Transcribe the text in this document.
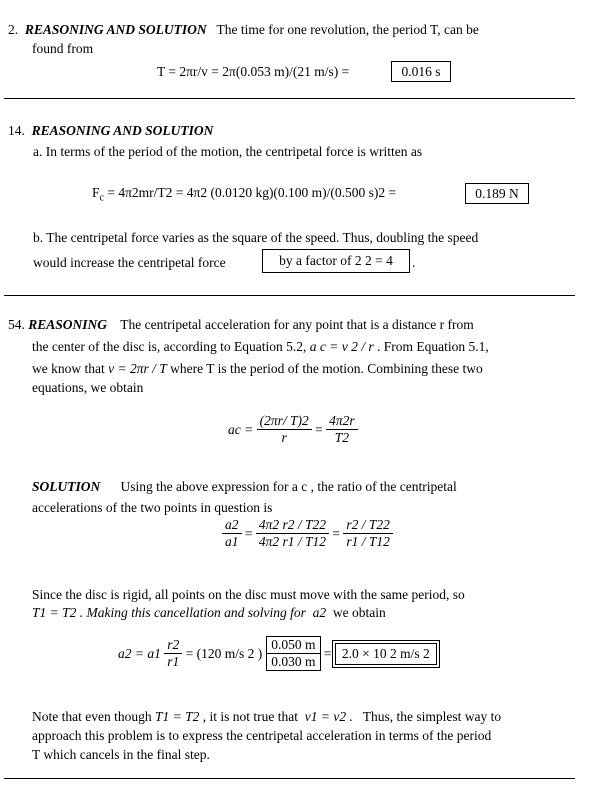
2. REASONING AND SOLUTION The time for one revolution, the period T, can be
found from
T = 2πr/v = 2π(0.053 m)/(21 m/s) =	0.016 s
14. REASONING AND SOLUTION
a. In terms of the period of the motion, the centripetal force is written as
$F_c = 4\pi 2mr/T2 = 4\pi 2$ (0.0120 kg)(0.100 m)/(0.500 s)2 =	0.189 N
b. The centripetal force varies as the square of the speed. Thus, doubling the speed
would increase the centripetal force	by a factor of 2 2 = 4	.
54. REASONING The centripetal acceleration for any point that is a distance r from
the center of the disc is, according to Equation 5.2, a c = v 2 / r . From Equation 5.1,
we know that v = 2πr / T where T is the period of the motion. Combining these two
equations, we obtain
ac =
$\frac{(2\pi r/ T)2}{r} = \frac{4\pi 2r}{T2}$
SOLUTION Using the above expression for a c , the ratio of the centripetal
accelerations of the two points in question is
$\frac{a2}{a1} = \frac{4\pi 2 r2 / T22}{4\pi 2 r1 / T12} = \frac{r2 / T22}{r1 / T12}$
Since the disc is rigid, all points on the disc must move with the same period, so
T1 = T2 . Making this cancellation and solving for a2 we obtain
a2 = a1
$\frac{r2}{r1}$
= (120 m/s 2 ) $\frac{0.050 m}{0.030 m}$
=
2.0 × 10 2 m/s 2
Note that even though T1 = T2 , it is not true that v1 = v2 . Thus, the simplest way to
approach this problem is to express the centripetal acceleration in terms of the period
T which cancels in the final step.
